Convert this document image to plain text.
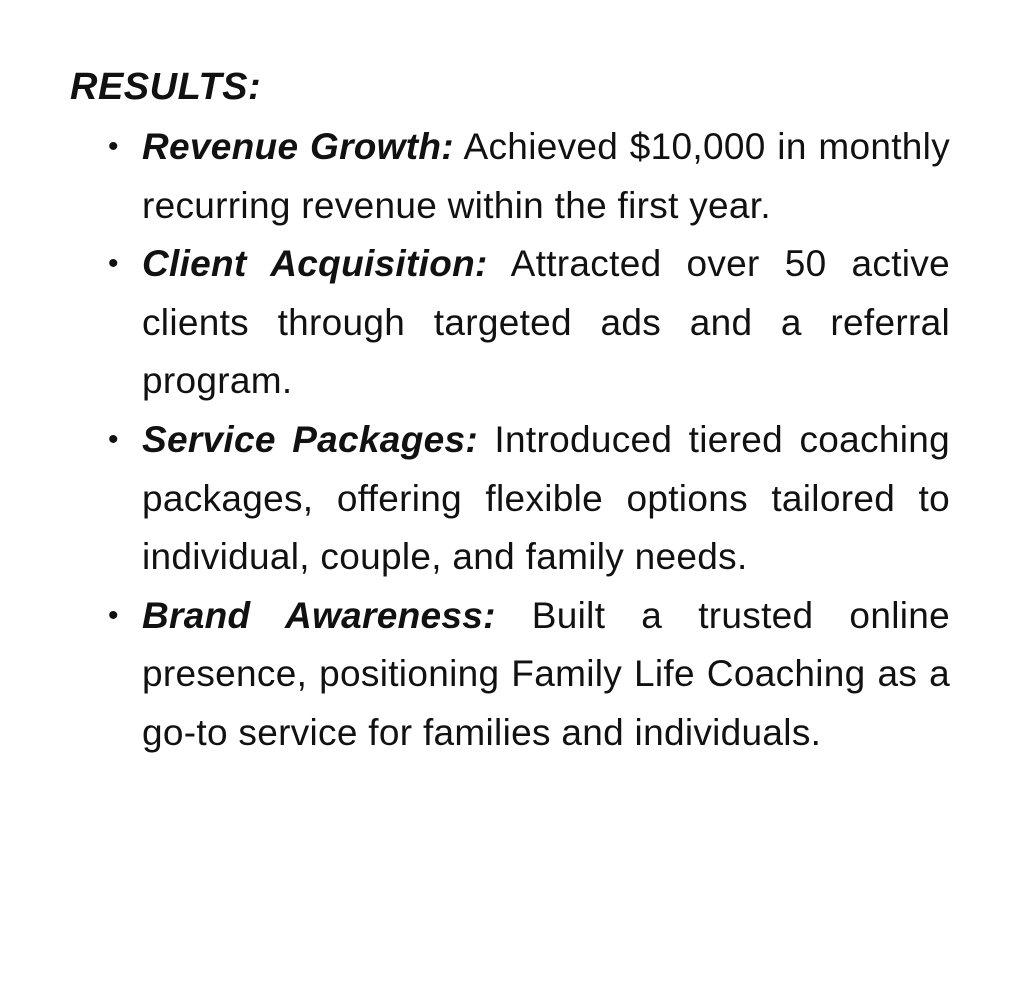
RESULTS:
• Revenue Growth: Achieved $10,000 in monthly recurring revenue within the first year.
• Client Acquisition: Attracted over 50 active clients through targeted ads and a referral program.
• Service Packages: Introduced tiered coaching packages, offering flexible options tailored to individual, couple, and family needs.
• Brand Awareness: Built a trusted online presence, positioning Family Life Coaching as a go-to service for families and individuals.
